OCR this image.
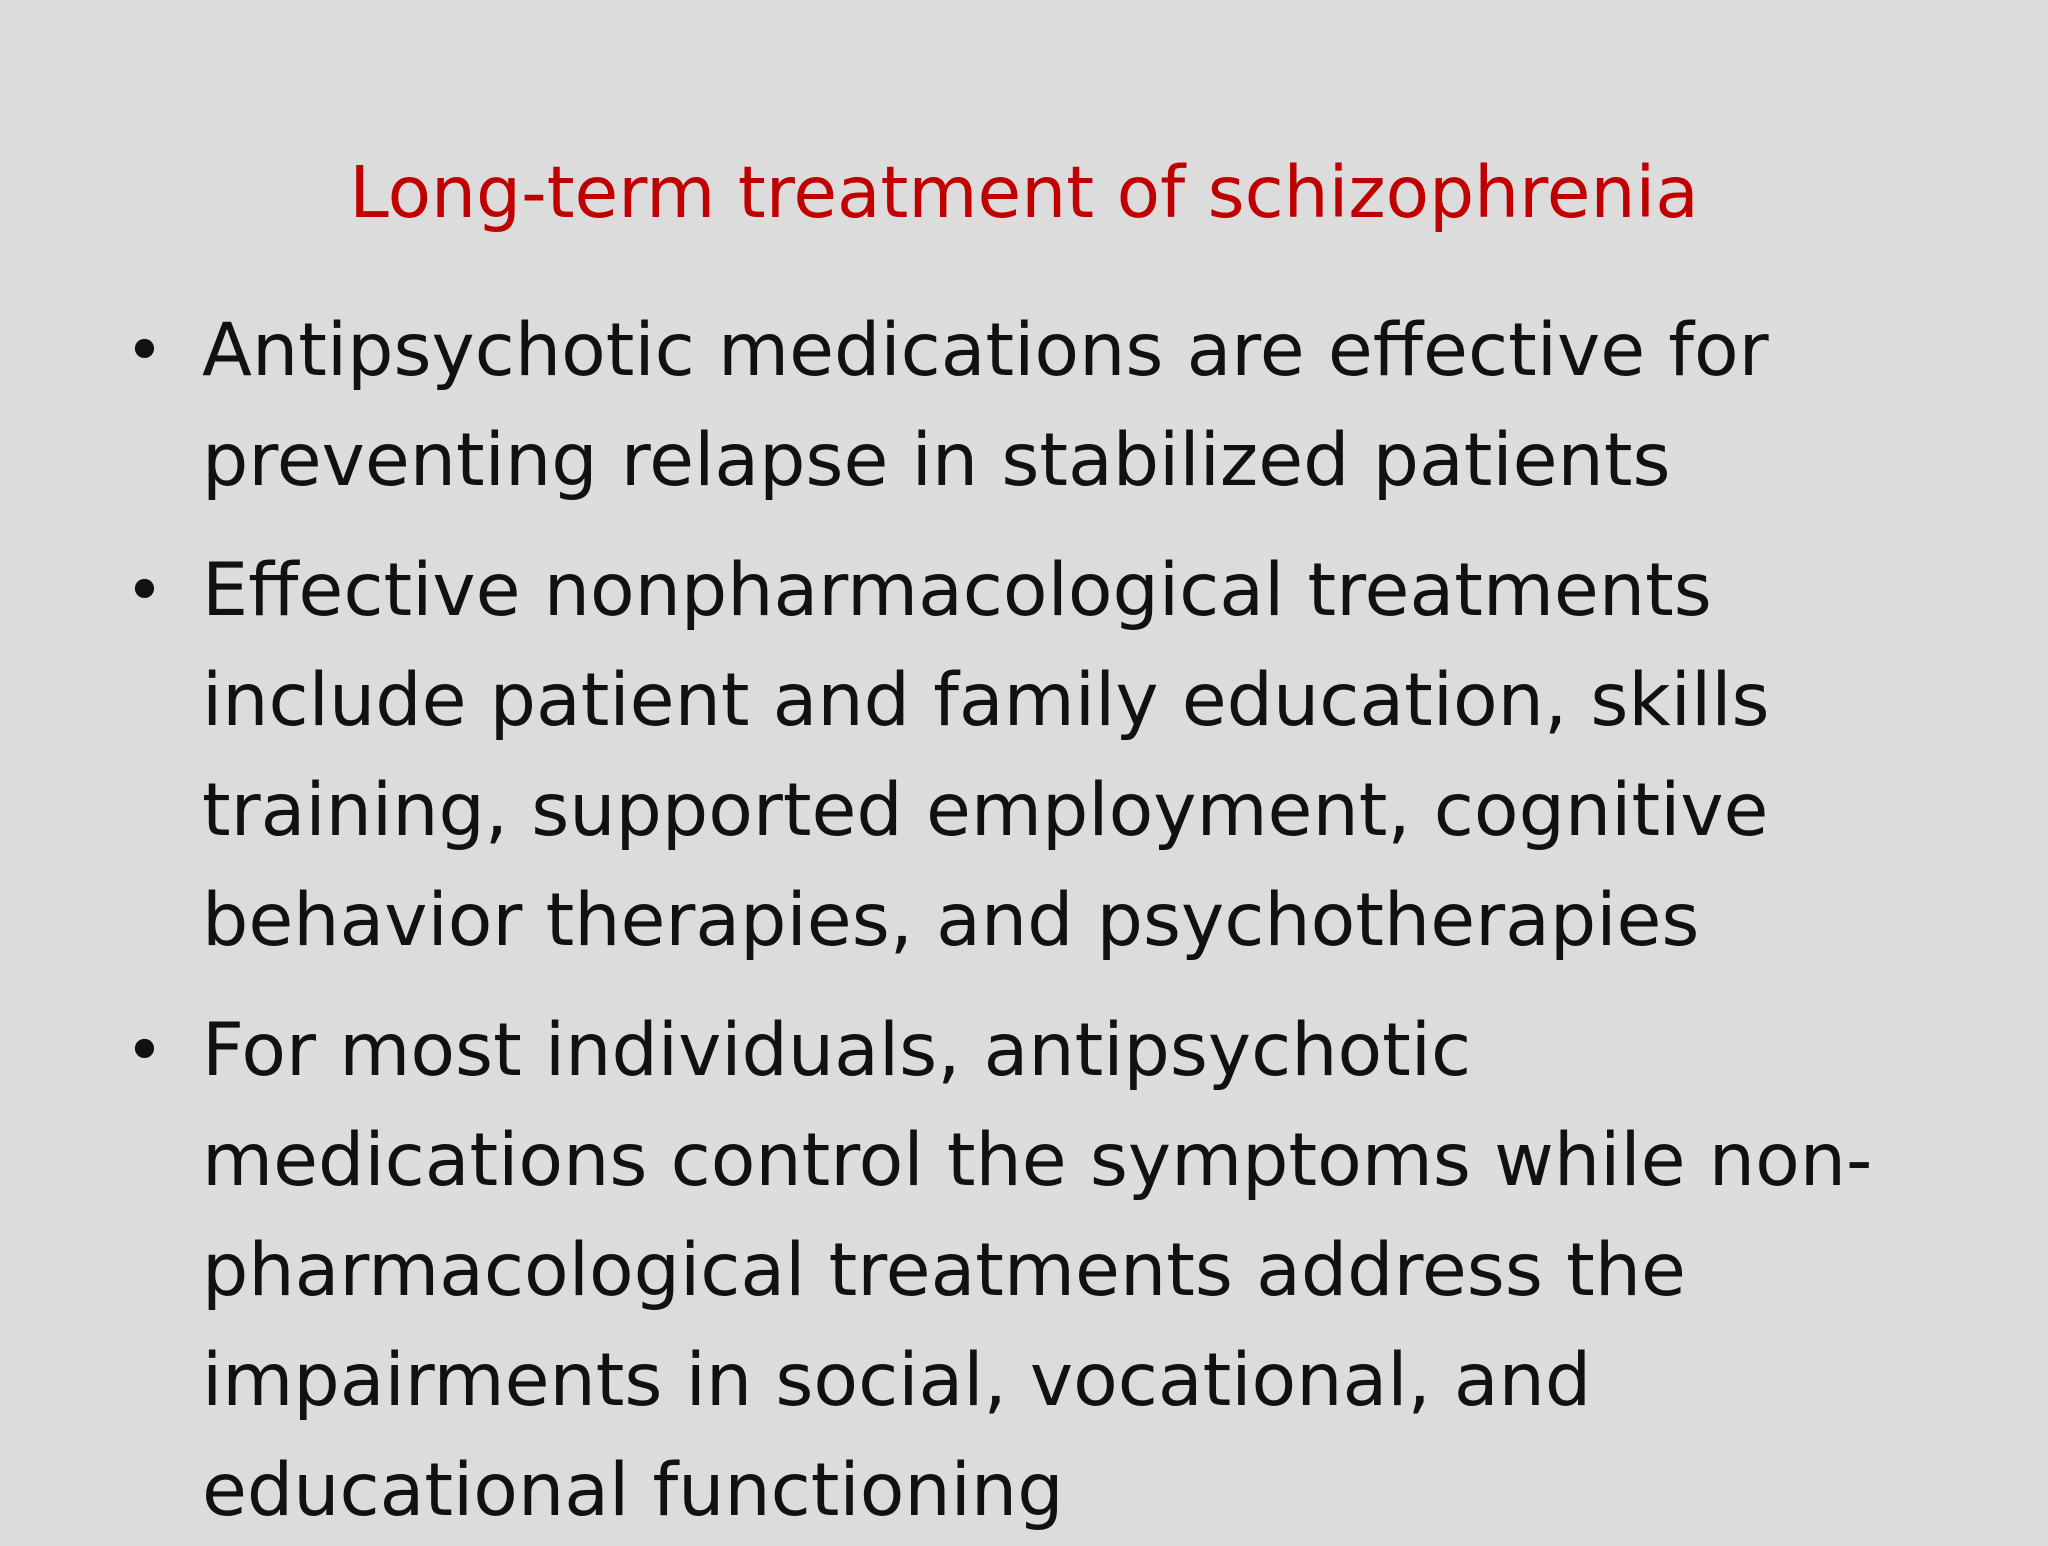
Long-term treatment of schizophrenia
• Antipsychotic medications are effective for
preventing relapse in stabilized patients

• Effective nonpharmacological treatments
include patient and family education, skills
training, supported employment, cognitive
behavior therapies, and psychotherapies

• For most individuals, antipsychotic
medications control the symptoms while non-
pharmacological treatments address the
impairments in social, vocational, and
educational functioning
